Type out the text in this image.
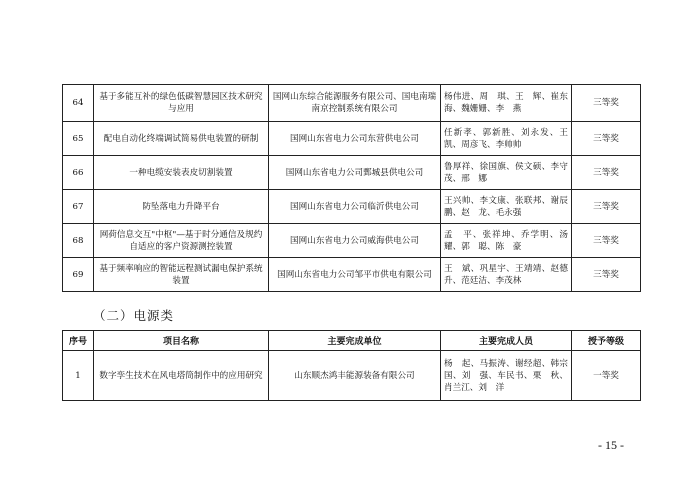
64	基于多能互补的绿色低碳智慧园区技术研究与应用	国网山东综合能源服务有限公司、国电南瑞南京控制系统有限公司	杨伟进、周　琪、王　辉、崔东海、魏姗姗、李　燕	三等奖
65	配电自动化终端调试简易供电装置的研制	国网山东省电力公司东营供电公司	任新孝、郭新胜、刘永发、王　凯、周彦飞、李帅帅	三等奖
66	一种电缆安装表皮切割装置	国网山东省电力公司鄄城县供电公司	鲁厚祥、徐国旗、侯文硕、李守茂、邢　娜	三等奖
67	防坠落电力升降平台	国网山东省电力公司临沂供电公司	王兴帅、李文康、张联邦、谢辰鹏、赵　龙、毛永强	三等奖
68	网荷信息交互"中枢"—基于时分通信及规约自适应的客户资源测控装置	国网山东省电力公司威海供电公司	孟　平、张祥坤、乔学明、汤　耀、郭　聪、陈　豪	三等奖
69	基于频率响应的智能远程测试漏电保护系统装置	国网山东省电力公司邹平市供电有限公司	王　斌、巩星宇、王靖靖、赵德升、范廷洁、李茂林	三等奖
（二）电源类
序号	项目名称	主要完成单位	主要完成人员	授予等级
1	数字孪生技术在风电塔筒制作中的应用研究	山东顺杰鸿丰能源装备有限公司	杨　起、马振涛、谢经超、韩宗国、刘　强、车民书、栗　秋、肖兰江、刘　洋	一等奖
- 15 -
